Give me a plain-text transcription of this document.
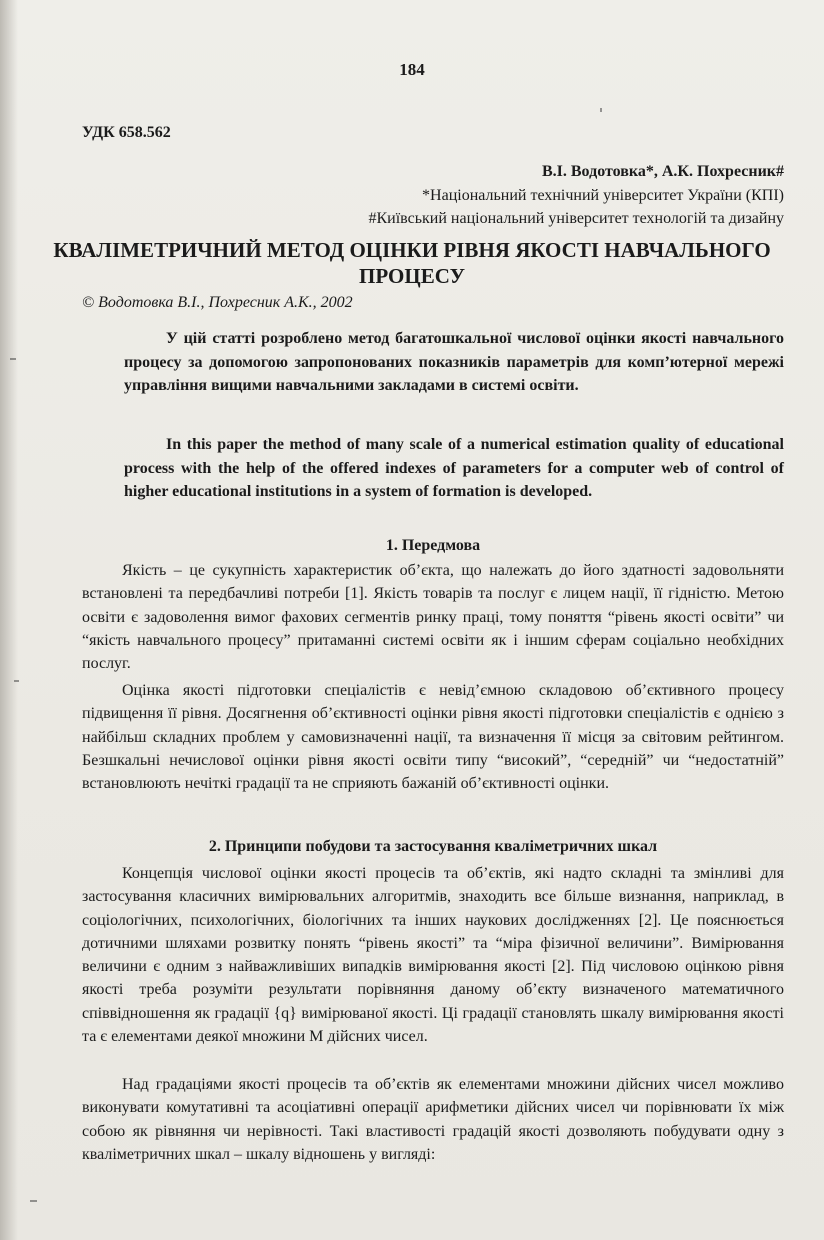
184
УДК 658.562
В.І. Водотовка*, А.К. Похресник#
*Національний технічний університет України (КПІ)
#Київський національний університет технологій та дизайну
КВАЛІМЕТРИЧНИЙ МЕТОД ОЦІНКИ РІВНЯ ЯКОСТІ НАВЧАЛЬНОГО ПРОЦЕСУ
© Водотовка В.І., Похресник А.К., 2002
У цій статті розроблено метод багатошкальної числової оцінки якості навчального процесу за допомогою запропонованих показників параметрів для комп’ютерної мережі управління вищими навчальними закладами в системі освіти.
In this paper the method of many scale of a numerical estimation quality of educational process with the help of the offered indexes of parameters for a computer web of control of higher educational institutions in a system of formation is developed.
1. Передмова
Якість – це сукупність характеристик об’єкта, що належать до його здатності задовольняти встановлені та передбачливі потреби [1]. Якість товарів та послуг є лицем нації, її гідністю. Метою освіти є задоволення вимог фахових сегментів ринку праці, тому поняття “рівень якості освіти” чи “якість навчального процесу” притаманні системі освіти як і іншим сферам соціально необхідних послуг.
Оцінка якості підготовки спеціалістів є невід’ємною складовою об’єктивного процесу підвищення її рівня. Досягнення об’єктивності оцінки рівня якості підготовки спеціалістів є однією з найбільш складних проблем у самовизначенні нації, та визначення її місця за світовим рейтингом. Безшкальні нечислової оцінки рівня якості освіти типу “високий”, “середній” чи “недостатній” встановлюють нечіткі градації та не сприяють бажаній об’єктивності оцінки.
2. Принципи побудови та застосування кваліметричних шкал
Концепція числової оцінки якості процесів та об’єктів, які надто складні та змінливі для застосування класичних вимірювальних алгоритмів, знаходить все більше визнання, наприклад, в соціологічних, психологічних, біологічних та інших наукових дослідженнях [2]. Це пояснюється дотичними шляхами розвитку понять “рівень якості” та “міра фізичної величини”. Вимірювання величини є одним з найважливіших випадків вимірювання якості [2]. Під числовою оцінкою рівня якості треба розуміти результати порівняння даному об’єкту визначеного математичного співвідношення як градації {q} вимірюваної якості. Ці градації становлять шкалу вимірювання якості та є елементами деякої множини М дійсних чисел.
Над градаціями якості процесів та об’єктів як елементами множини дійсних чисел можливо виконувати комутативні та асоціативні операції арифметики дійсних чисел чи порівнювати їх між собою як рівняння чи нерівності. Такі властивості градацій якості дозволяють побудувати одну з кваліметричних шкал – шкалу відношень у вигляді:
